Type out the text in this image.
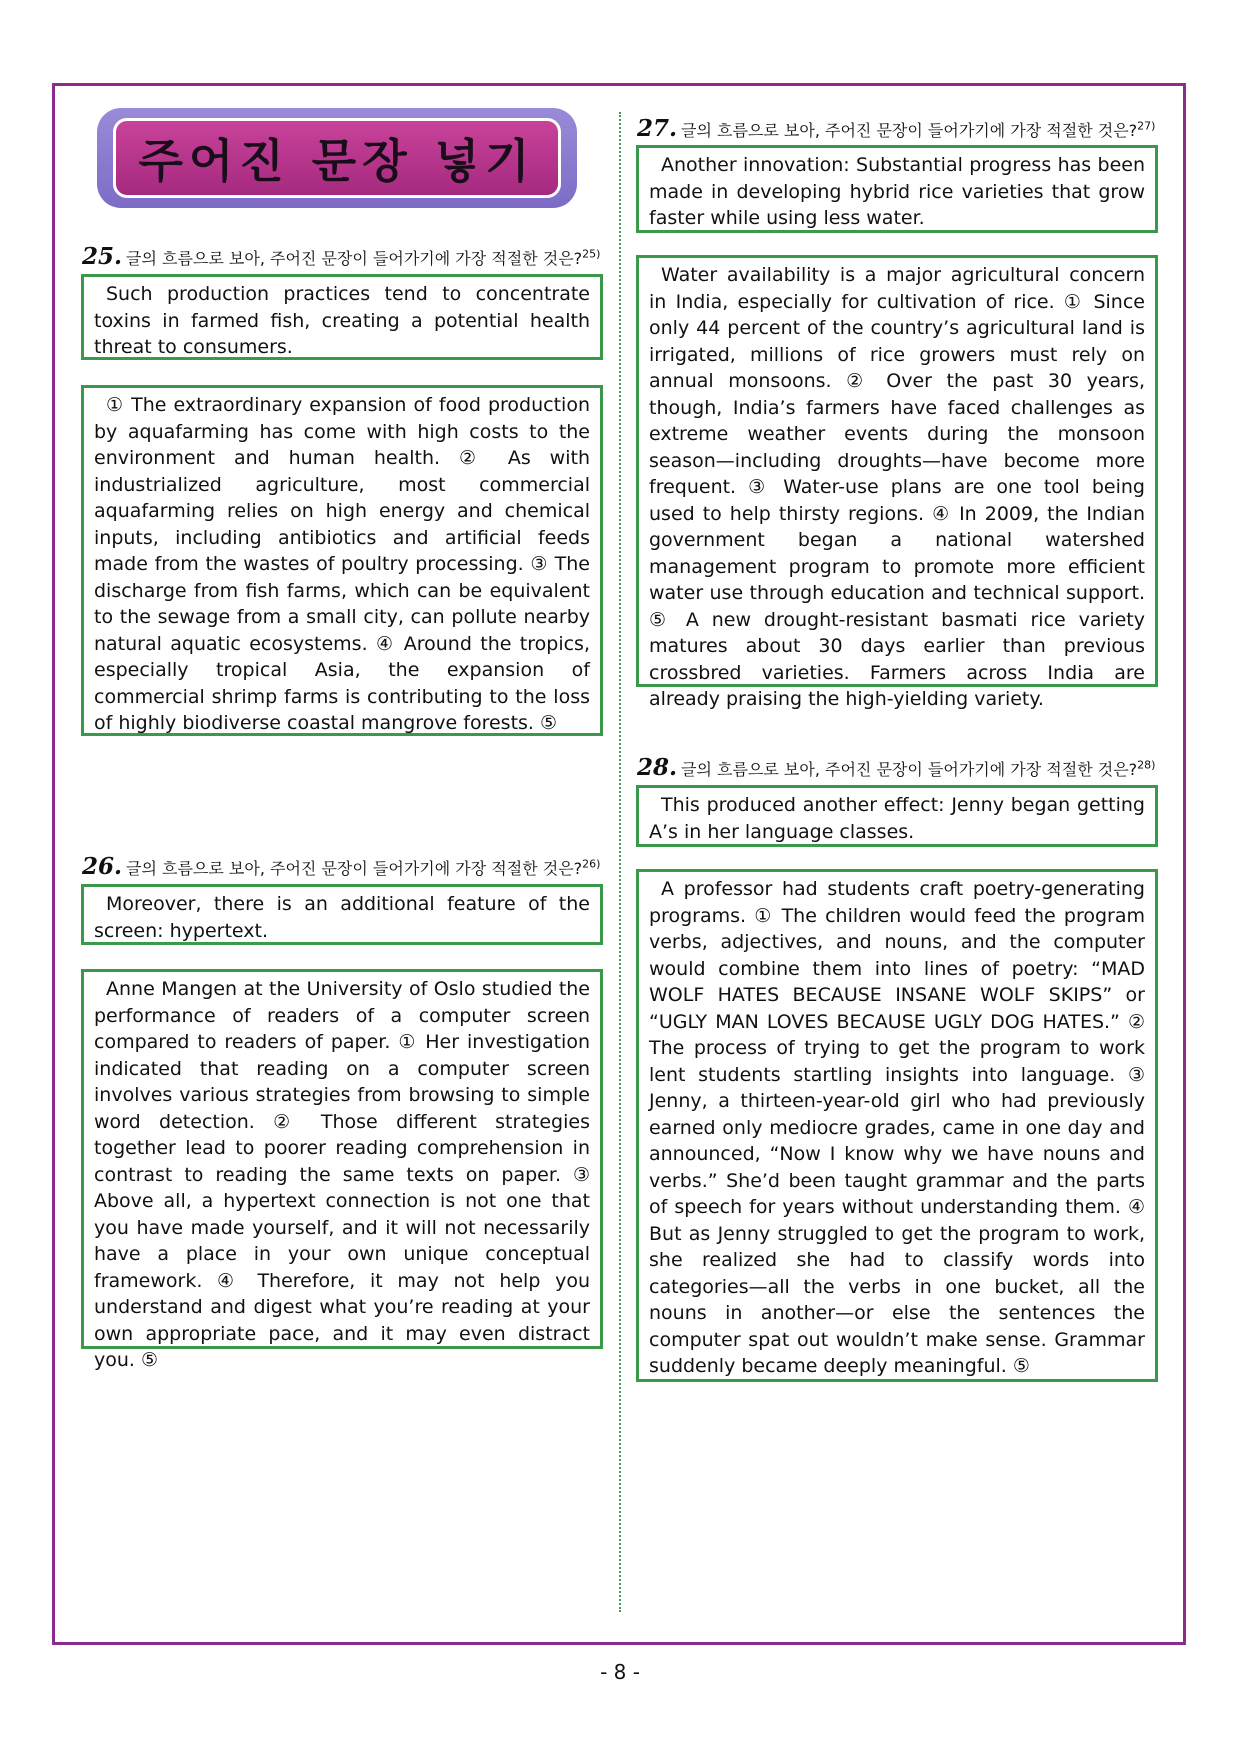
주어진 문장 넣기
25. 글의 흐름으로 보아, 주어진 문장이 들어가기에 가장 적절한 것은?$^{25)}$

Such production practices tend to concentrate toxins in farmed fish, creating a potential health threat to consumers.

① The extraordinary expansion of food production by aquafarming has come with high costs to the environment and human health. ② As with industrialized agriculture, most commercial aquafarming relies on high energy and chemical inputs, including antibiotics and artificial feeds made from the wastes of poultry processing. ③ The discharge from fish farms, which can be equivalent to the sewage from a small city, can pollute nearby natural aquatic ecosystems. ④ Around the tropics, especially tropical Asia, the expansion of commercial shrimp farms is contributing to the loss of highly biodiverse coastal mangrove forests. ⑤

26. 글의 흐름으로 보아, 주어진 문장이 들어가기에 가장 적절한 것은?$^{26)}$

Moreover, there is an additional feature of the screen: hypertext.

Anne Mangen at the University of Oslo studied the performance of readers of a computer screen compared to readers of paper. ① Her investigation indicated that reading on a computer screen involves various strategies from browsing to simple word detection. ② Those different strategies together lead to poorer reading comprehension in contrast to reading the same texts on paper. ③ Above all, a hypertext connection is not one that you have made yourself, and it will not necessarily have a place in your own unique conceptual framework. ④ Therefore, it may not help you understand and digest what you’re reading at your own appropriate pace, and it may even distract you. ⑤

27. 글의 흐름으로 보아, 주어진 문장이 들어가기에 가장 적절한 것은?$^{27)}$

Another innovation: Substantial progress has been made in developing hybrid rice varieties that grow faster while using less water.

Water availability is a major agricultural concern in India, especially for cultivation of rice. ① Since only 44 percent of the country’s agricultural land is irrigated, millions of rice growers must rely on annual monsoons. ② Over the past 30 years, though, India’s farmers have faced challenges as extreme weather events during the monsoon season—including droughts—have become more frequent. ③ Water-use plans are one tool being used to help thirsty regions. ④ In 2009, the Indian government began a national watershed management program to promote more efficient water use through education and technical support. ⑤ A new drought-resistant basmati rice variety matures about 30 days earlier than previous crossbred varieties. Farmers across India are already praising the high-yielding variety.

28. 글의 흐름으로 보아, 주어진 문장이 들어가기에 가장 적절한 것은?$^{28)}$

This produced another effect: Jenny began getting A’s in her language classes.

A professor had students craft poetry-generating programs. ① The children would feed the program verbs, adjectives, and nouns, and the computer would combine them into lines of poetry: “MAD WOLF HATES BECAUSE INSANE WOLF SKIPS” or “UGLY MAN LOVES BECAUSE UGLY DOG HATES.” ② The process of trying to get the program to work lent students startling insights into language. ③ Jenny, a thirteen-year-old girl who had previously earned only mediocre grades, came in one day and announced, “Now I know why we have nouns and verbs.” She’d been taught grammar and the parts of speech for years without understanding them. ④ But as Jenny struggled to get the program to work, she realized she had to classify words into categories—all the verbs in one bucket, all the nouns in another—or else the sentences the computer spat out wouldn’t make sense. Grammar suddenly became deeply meaningful. ⑤

- 8 -
